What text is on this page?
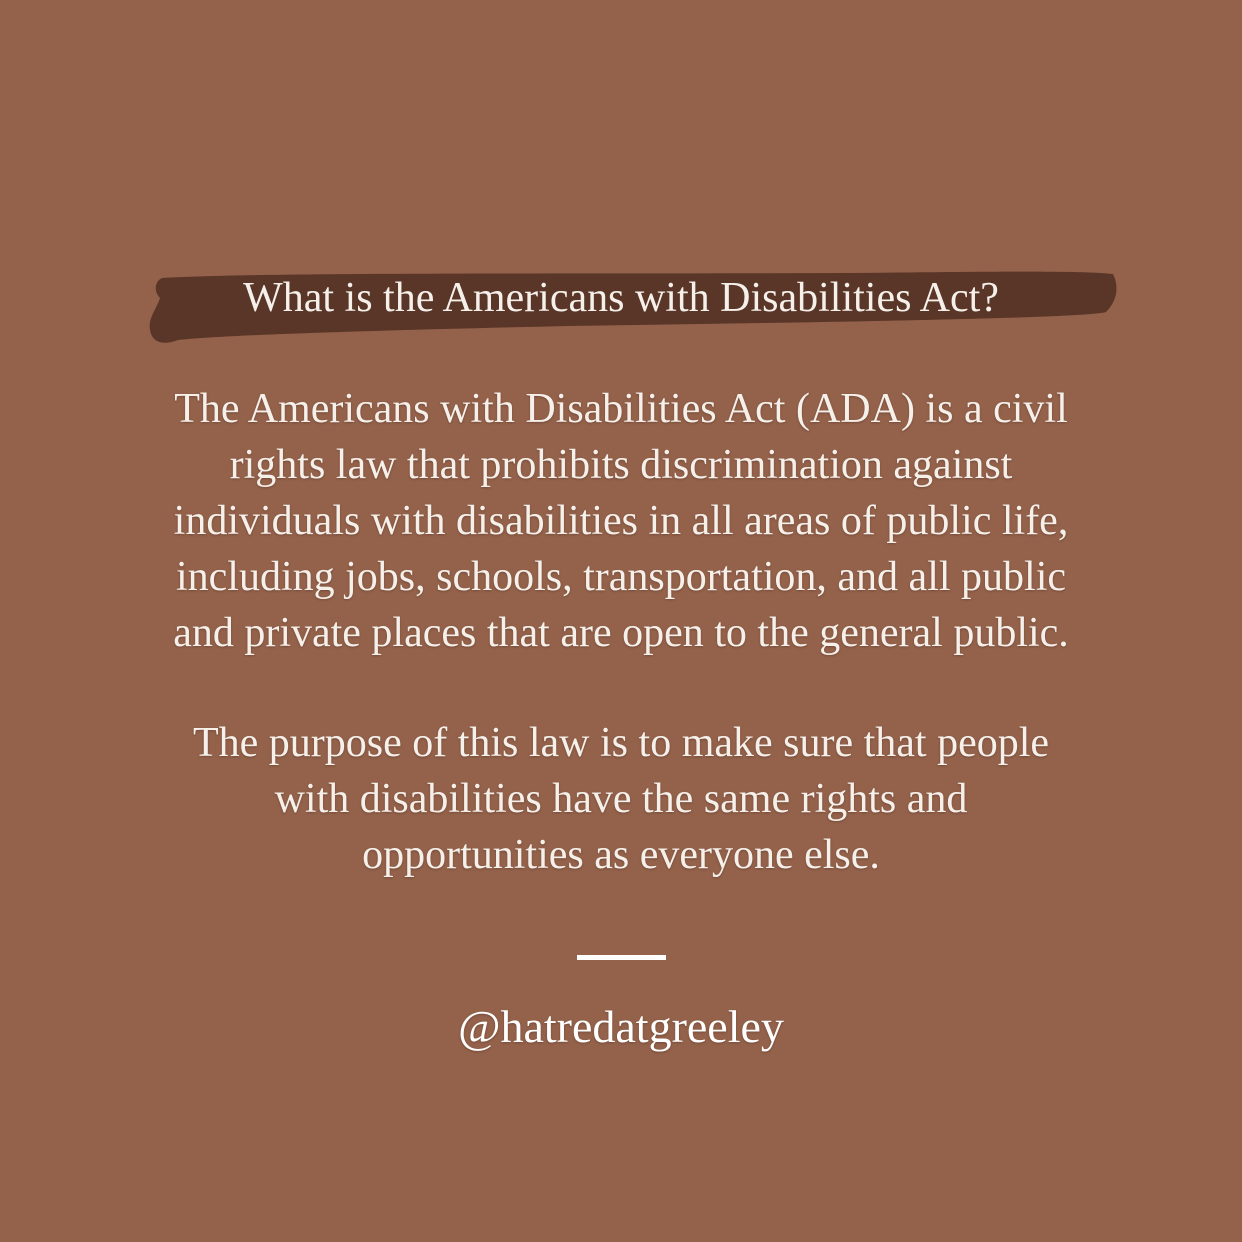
What is the Americans with Disabilities Act?
The Americans with Disabilities Act (ADA) is a civil
rights law that prohibits discrimination against
individuals with disabilities in all areas of public life,
including jobs, schools, transportation, and all public
and private places that are open to the general public.
The purpose of this law is to make sure that people
with disabilities have the same rights and
opportunities as everyone else.
@hatredatgreeley
